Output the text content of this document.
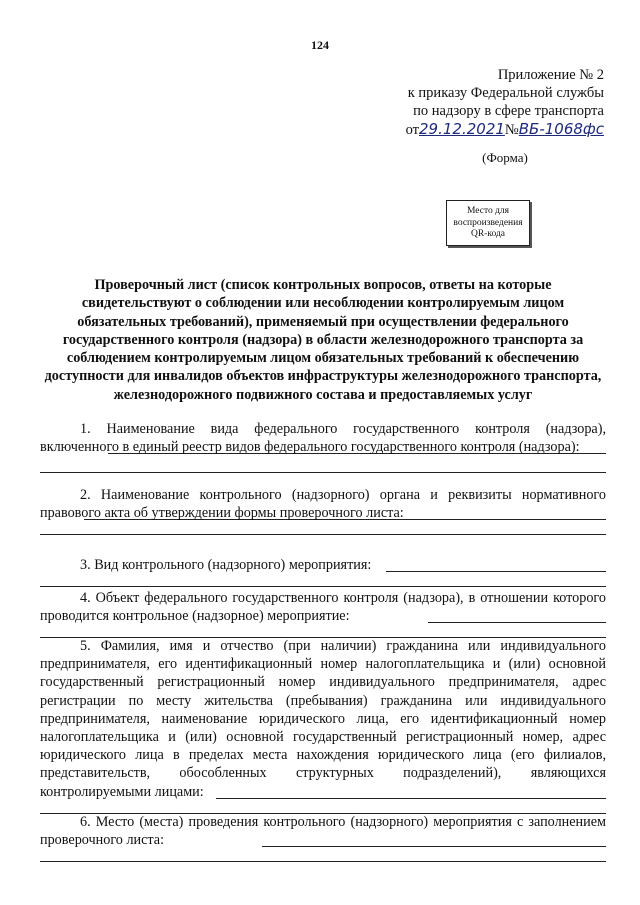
124
Приложение № 2
к приказу Федеральной службы
по надзору в сфере транспорта
от29.12.2021№ВБ-1068фс
(Форма)
Место для
воспроизведения
QR-кода
Проверочный лист (список контрольных вопросов, ответы на которые свидетельствуют о соблюдении или несоблюдении контролируемым лицом обязательных требований), применяемый при осуществлении федерального государственного контроля (надзора) в области железнодорожного транспорта за соблюдением контролируемым лицом обязательных требований к обеспечению доступности для инвалидов объектов инфраструктуры железнодорожного транспорта, железнодорожного подвижного состава и предоставляемых услуг

1. Наименование вида федерального государственного контроля (надзора), включенного в единый реестр видов федерального государственного контроля (надзора):

2. Наименование контрольного (надзорного) органа и реквизиты нормативного правового акта об утверждении формы проверочного листа:

3. Вид контрольного (надзорного) мероприятия:

4. Объект федерального государственного контроля (надзора), в отношении которого проводится контрольное (надзорное) мероприятие:

5. Фамилия, имя и отчество (при наличии) гражданина или индивидуального предпринимателя, его идентификационный номер налогоплательщика и (или) основной государственный регистрационный номер индивидуального предпринимателя, адрес регистрации по месту жительства (пребывания) гражданина или индивидуального предпринимателя, наименование юридического лица, его идентификационный номер налогоплательщика и (или) основной государственный регистрационный номер, адрес юридического лица в пределах места нахождения юридического лица (его филиалов, представительств, обособленных структурных подразделений), являющихся контролируемыми лицами:

6. Место (места) проведения контрольного (надзорного) мероприятия с заполнением проверочного листа:
